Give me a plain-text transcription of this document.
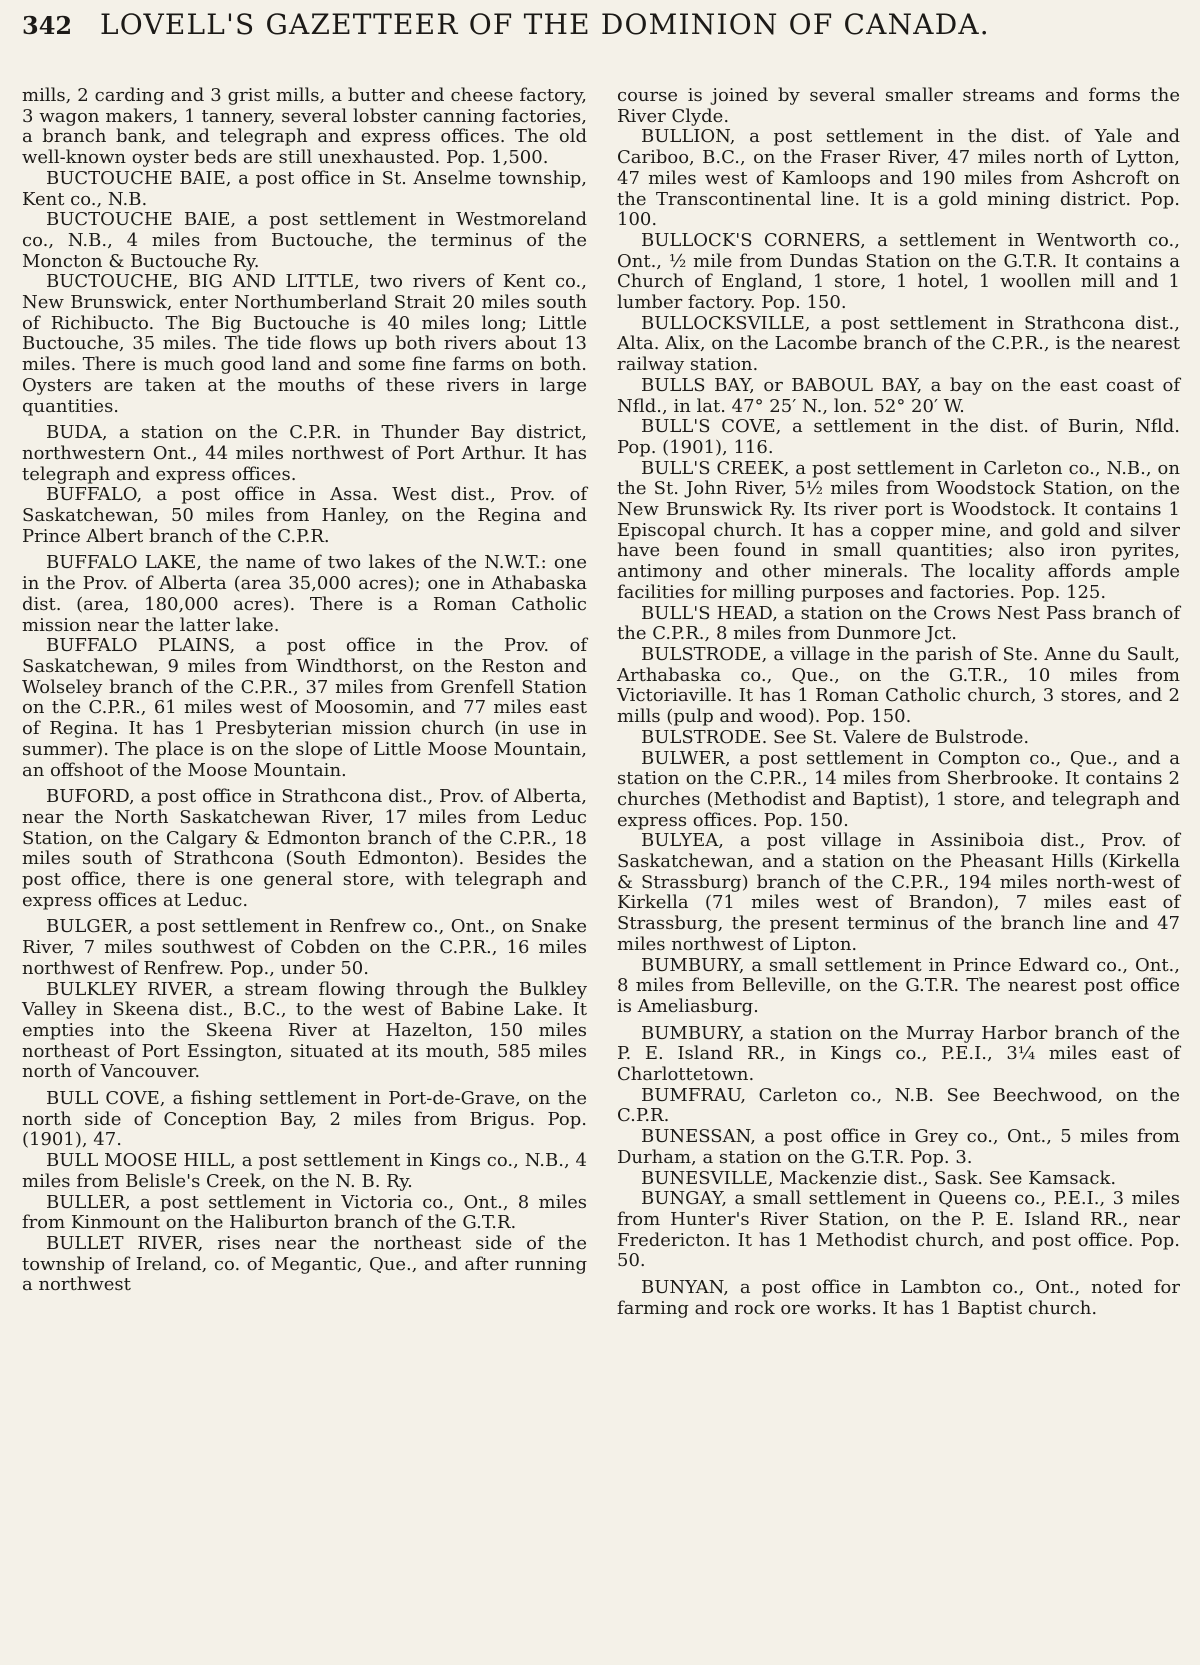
342 LOVELL'S GAZETTEER OF THE DOMINION OF CANADA.

mills, 2 carding and 3 grist mills, a butter and cheese factory, 3 wagon makers, 1 tannery, several lobster canning factories, a branch bank, and telegraph and express offices. The old well-known oyster beds are still unexhausted. Pop. 1,500.

BUCTOUCHE BAIE, a post office in St. Anselme township, Kent co., N.B.

BUCTOUCHE BAIE, a post settlement in Westmoreland co., N.B., 4 miles from Buctouche, the terminus of the Moncton & Buctouche Ry.

BUCTOUCHE, BIG AND LITTLE, two rivers of Kent co., New Brunswick, enter Northumberland Strait 20 miles south of Richibucto. The Big Buctouche is 40 miles long; Little Buctouche, 35 miles. The tide flows up both rivers about 13 miles. There is much good land and some fine farms on both. Oysters are taken at the mouths of these rivers in large quantities.

BUDA, a station on the C.P.R. in Thunder Bay district, northwestern Ont., 44 miles northwest of Port Arthur. It has telegraph and express offices.

BUFFALO, a post office in Assa. West dist., Prov. of Saskatchewan, 50 miles from Hanley, on the Regina and Prince Albert branch of the C.P.R.

BUFFALO LAKE, the name of two lakes of the N.W.T.: one in the Prov. of Alberta (area 35,000 acres); one in Athabaska dist. (area, 180,000 acres). There is a Roman Catholic mission near the latter lake.

BUFFALO PLAINS, a post office in the Prov. of Saskatchewan, 9 miles from Windthorst, on the Reston and Wolseley branch of the C.P.R., 37 miles from Grenfell Station on the C.P.R., 61 miles west of Moosomin, and 77 miles east of Regina. It has 1 Presbyterian mission church (in use in summer). The place is on the slope of Little Moose Mountain, an offshoot of the Moose Mountain.

BUFORD, a post office in Strathcona dist., Prov. of Alberta, near the North Saskatchewan River, 17 miles from Leduc Station, on the Calgary & Edmonton branch of the C.P.R., 18 miles south of Strathcona (South Edmonton). Besides the post office, there is one general store, with telegraph and express offices at Leduc.

BULGER, a post settlement in Renfrew co., Ont., on Snake River, 7 miles southwest of Cobden on the C.P.R., 16 miles northwest of Renfrew. Pop., under 50.

BULKLEY RIVER, a stream flowing through the Bulkley Valley in Skeena dist., B.C., to the west of Babine Lake. It empties into the Skeena River at Hazelton, 150 miles northeast of Port Essington, situated at its mouth, 585 miles north of Vancouver.

BULL COVE, a fishing settlement in Port-de-Grave, on the north side of Conception Bay, 2 miles from Brigus. Pop. (1901), 47.

BULL MOOSE HILL, a post settlement in Kings co., N.B., 4 miles from Belisle's Creek, on the N. B. Ry.

BULLER, a post settlement in Victoria co., Ont., 8 miles from Kinmount on the Haliburton branch of the G.T.R.

BULLET RIVER, rises near the northeast side of the township of Ireland, co. of Megantic, Que., and after running a northwest

course is joined by several smaller streams and forms the River Clyde.

BULLION, a post settlement in the dist. of Yale and Cariboo, B.C., on the Fraser River, 47 miles north of Lytton, 47 miles west of Kamloops and 190 miles from Ashcroft on the Transcontinental line. It is a gold mining district. Pop. 100.

BULLOCK'S CORNERS, a settlement in Wentworth co., Ont., ½ mile from Dundas Station on the G.T.R. It contains a Church of England, 1 store, 1 hotel, 1 woollen mill and 1 lumber factory. Pop. 150.

BULLOCKSVILLE, a post settlement in Strathcona dist., Alta. Alix, on the Lacombe branch of the C.P.R., is the nearest railway station.

BULLS BAY, or BABOUL BAY, a bay on the east coast of Nfld., in lat. 47° 25′ N., lon. 52° 20′ W.

BULL'S COVE, a settlement in the dist. of Burin, Nfld. Pop. (1901), 116.

BULL'S CREEK, a post settlement in Carleton co., N.B., on the St. John River, 5½ miles from Woodstock Station, on the New Brunswick Ry. Its river port is Woodstock. It contains 1 Episcopal church. It has a copper mine, and gold and silver have been found in small quantities; also iron pyrites, antimony and other minerals. The locality affords ample facilities for milling purposes and factories. Pop. 125.

BULL'S HEAD, a station on the Crows Nest Pass branch of the C.P.R., 8 miles from Dunmore Jct.

BULSTRODE, a village in the parish of Ste. Anne du Sault, Arthabaska co., Que., on the G.T.R., 10 miles from Victoriaville. It has 1 Roman Catholic church, 3 stores, and 2 mills (pulp and wood). Pop. 150.

BULSTRODE. See St. Valere de Bulstrode.

BULWER, a post settlement in Compton co., Que., and a station on the C.P.R., 14 miles from Sherbrooke. It contains 2 churches (Methodist and Baptist), 1 store, and telegraph and express offices. Pop. 150.

BULYEA, a post village in Assiniboia dist., Prov. of Saskatchewan, and a station on the Pheasant Hills (Kirkella & Strassburg) branch of the C.P.R., 194 miles north-west of Kirkella (71 miles west of Brandon), 7 miles east of Strassburg, the present terminus of the branch line and 47 miles northwest of Lipton.

BUMBURY, a small settlement in Prince Edward co., Ont., 8 miles from Belleville, on the G.T.R. The nearest post office is Ameliasburg.

BUMBURY, a station on the Murray Harbor branch of the P. E. Island RR., in Kings co., P.E.I., 3¼ miles east of Charlottetown.

BUMFRAU, Carleton co., N.B. See Beechwood, on the C.P.R.

BUNESSAN, a post office in Grey co., Ont., 5 miles from Durham, a station on the G.T.R. Pop. 3.

BUNESVILLE, Mackenzie dist., Sask. See Kamsack.

BUNGAY, a small settlement in Queens co., P.E.I., 3 miles from Hunter's River Station, on the P. E. Island RR., near Fredericton. It has 1 Methodist church, and post office. Pop. 50.

BUNYAN, a post office in Lambton co., Ont., noted for farming and rock ore works. It has 1 Baptist church.
